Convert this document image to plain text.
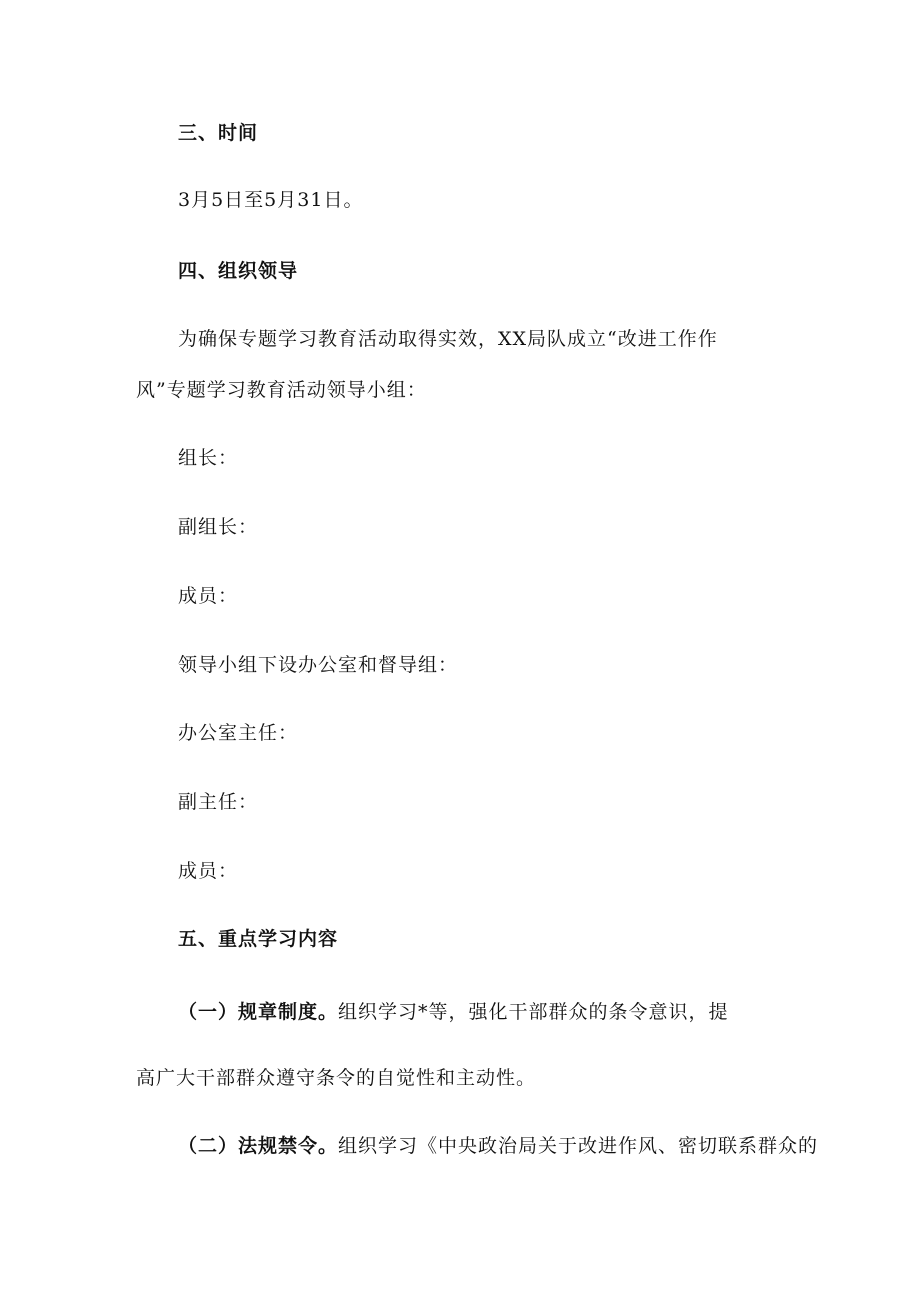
三、时间
3月5日至5月31日。
四、组织领导
为确保专题学习教育活动取得实效，XX局队成立“改进工作作
风”专题学习教育活动领导小组：
组长：
副组长：
成员：
领导小组下设办公室和督导组：
办公室主任：
副主任：
成员：
五、重点学习内容
（一）规章制度。组织学习*等，强化干部群众的条令意识，提
高广大干部群众遵守条令的自觉性和主动性。
（二）法规禁令。组织学习《中央政治局关于改进作风、密切联系群众的
